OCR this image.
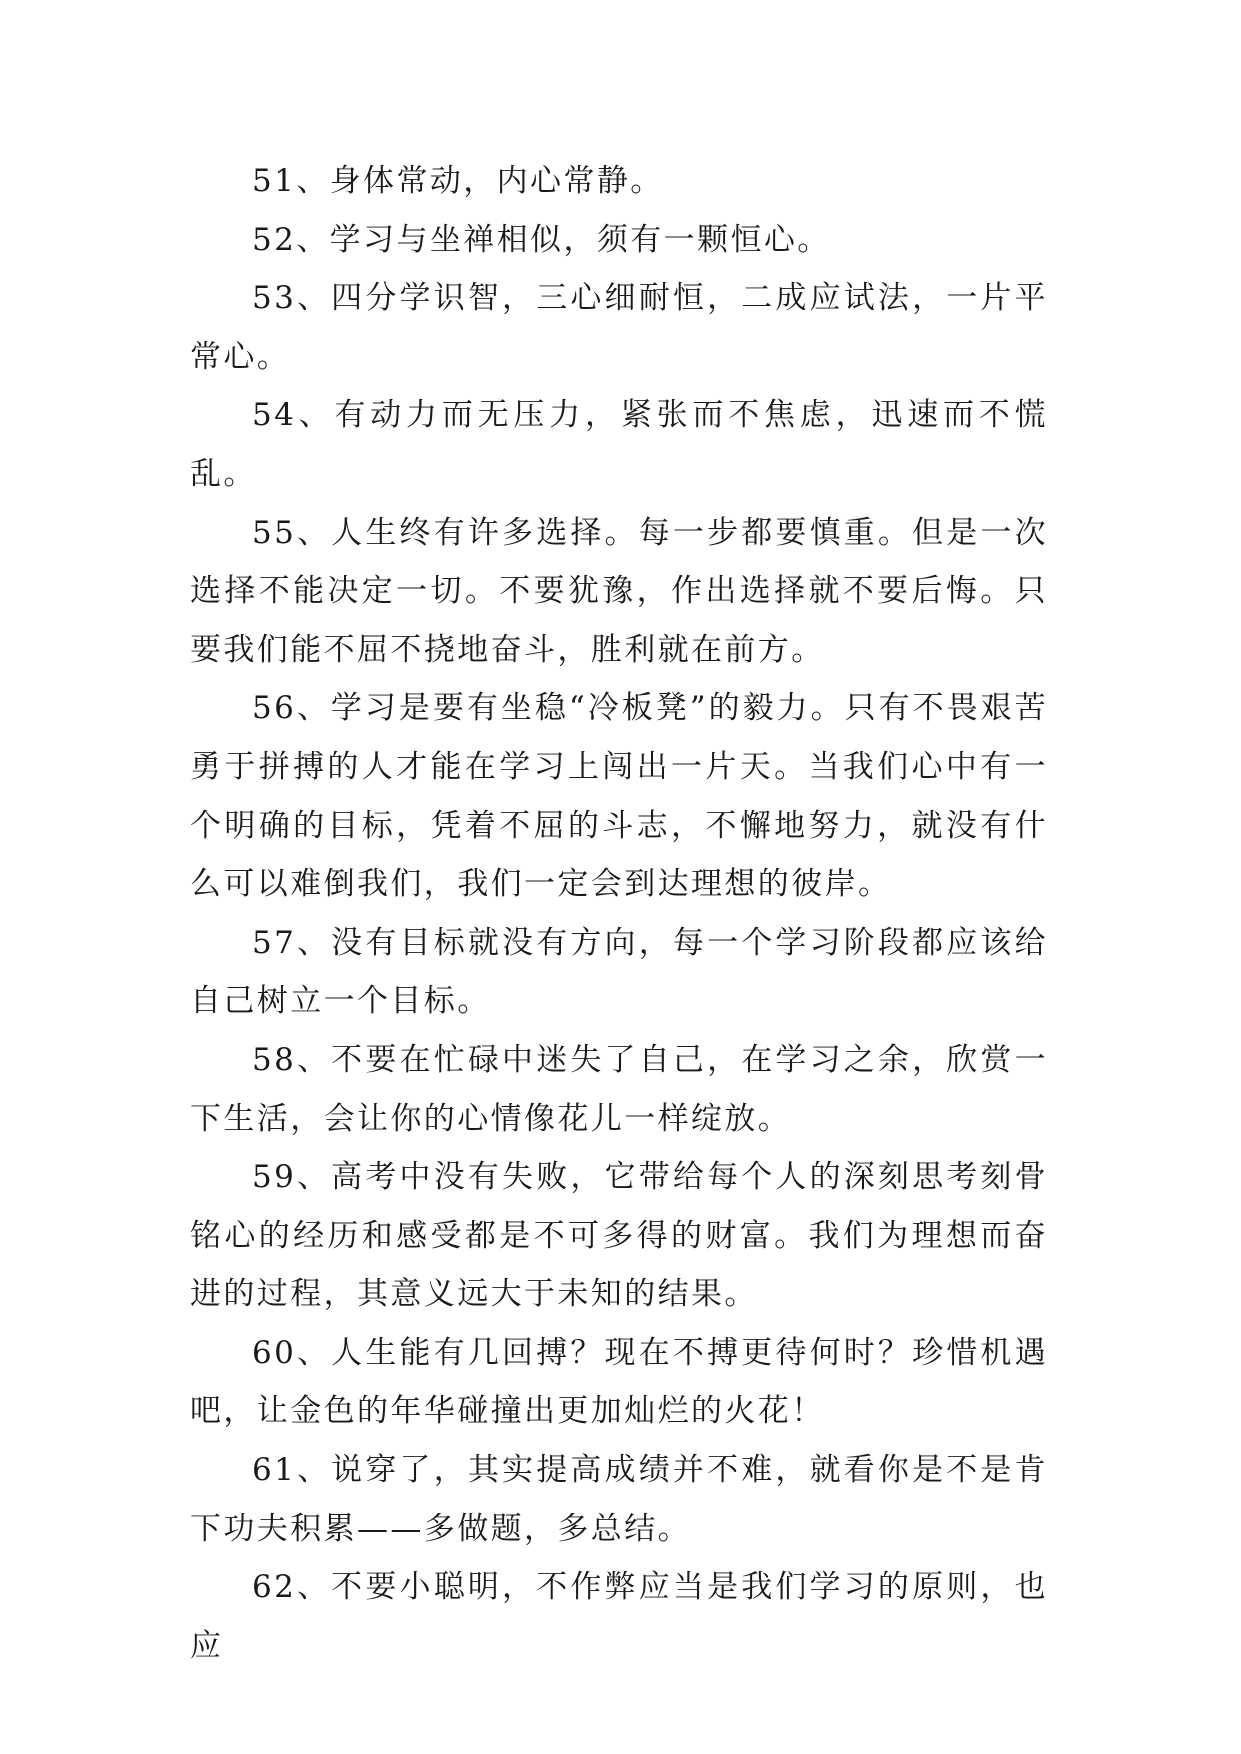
51、身体常动，内心常静。

52、学习与坐禅相似，须有一颗恒心。

53、四分学识智，三心细耐恒，二成应试法，一片平常心。

54、有动力而无压力，紧张而不焦虑，迅速而不慌乱。

55、人生终有许多选择。每一步都要慎重。但是一次选择不能决定一切。不要犹豫，作出选择就不要后悔。只要我们能不屈不挠地奋斗，胜利就在前方。

56、学习是要有坐稳“冷板凳”的毅力。只有不畏艰苦勇于拼搏的人才能在学习上闯出一片天。当我们心中有一个明确的目标，凭着不屈的斗志，不懈地努力，就没有什么可以难倒我们，我们一定会到达理想的彼岸。

57、没有目标就没有方向，每一个学习阶段都应该给自己树立一个目标。

58、不要在忙碌中迷失了自己，在学习之余，欣赏一下生活，会让你的心情像花儿一样绽放。

59、高考中没有失败，它带给每个人的深刻思考刻骨铭心的经历和感受都是不可多得的财富。我们为理想而奋进的过程，其意义远大于未知的结果。

60、人生能有几回搏？现在不搏更待何时？珍惜机遇吧，让金色的年华碰撞出更加灿烂的火花！

61、说穿了，其实提高成绩并不难，就看你是不是肯下功夫积累——多做题，多总结。

62、不要小聪明，不作弊应当是我们学习的原则，也应
